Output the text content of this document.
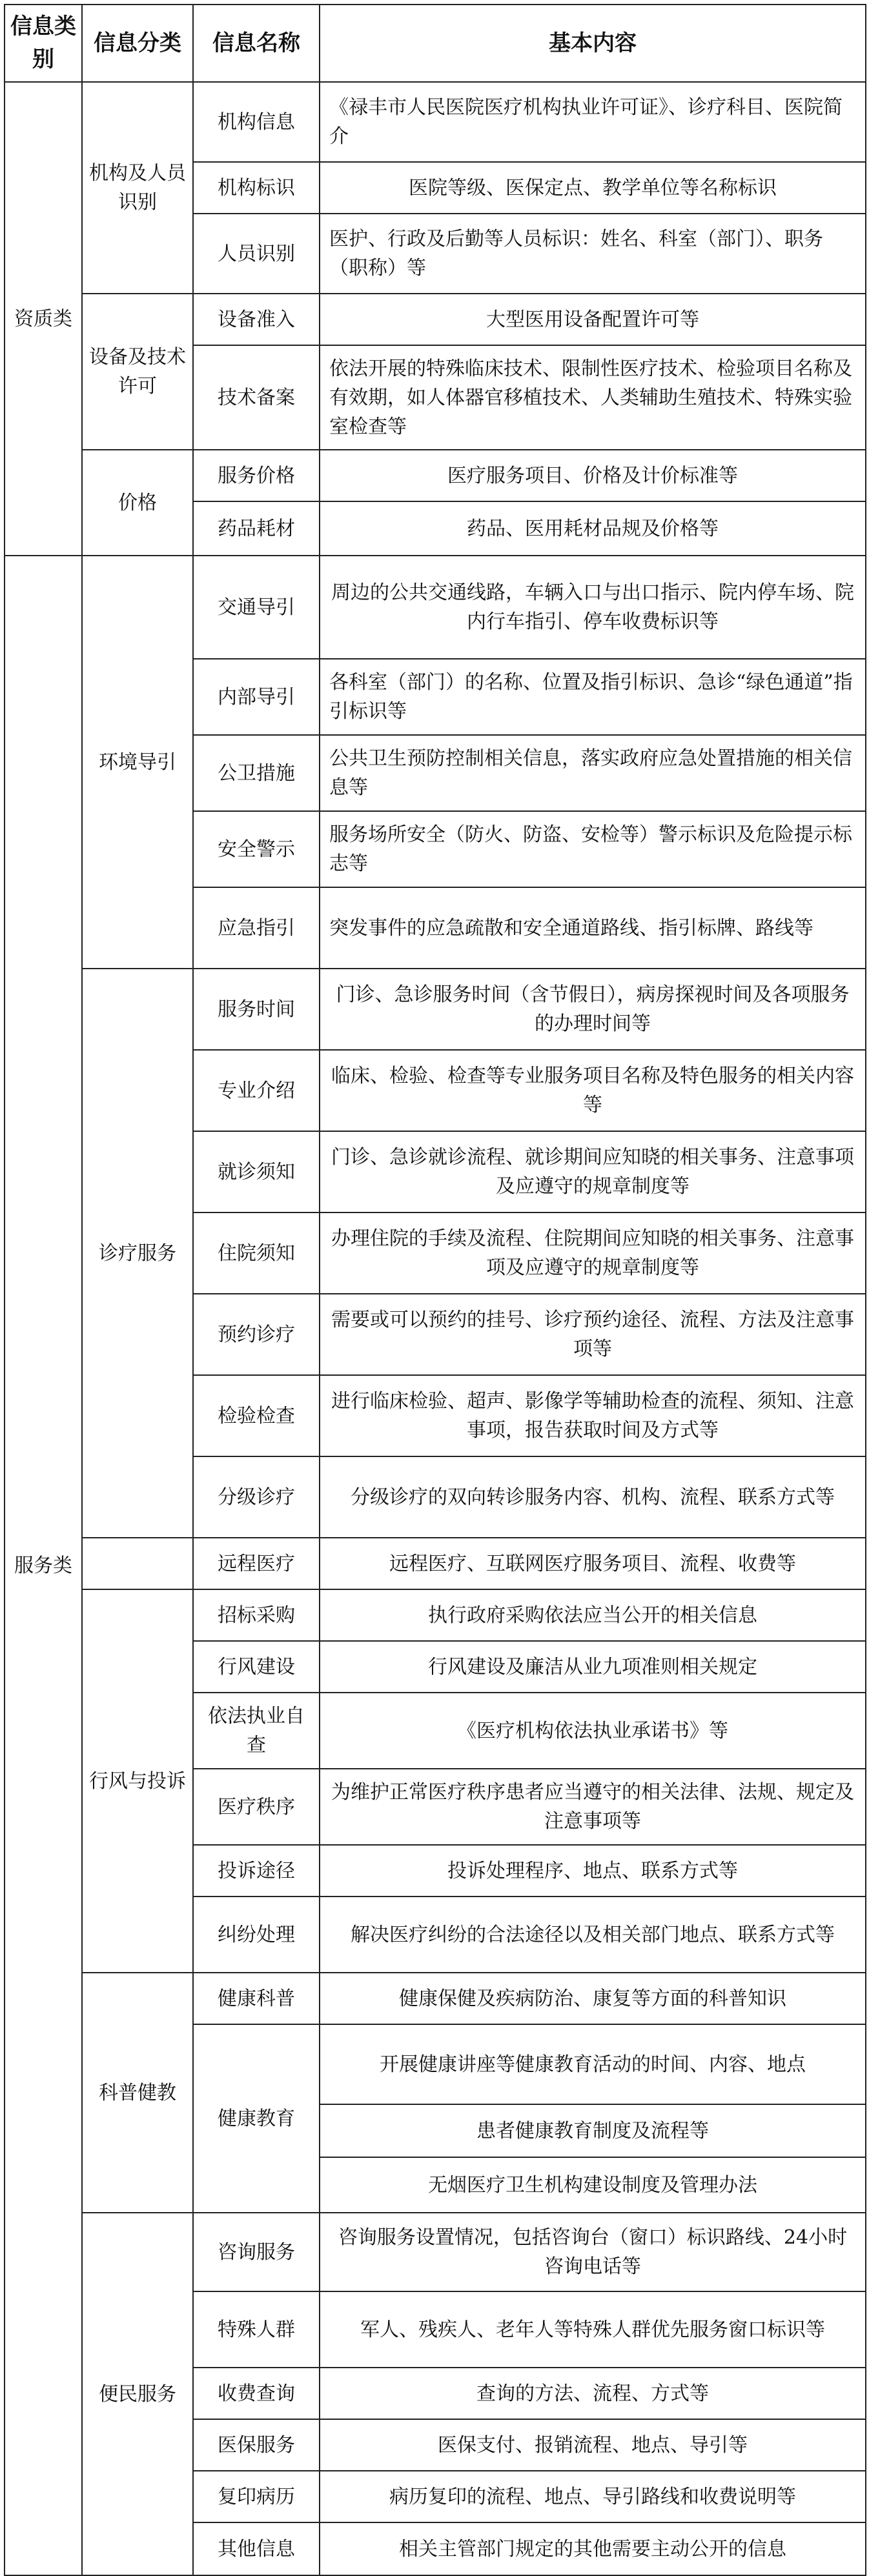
信息类别	信息分类	信息名称	基本内容
资质类	机构及人员识别	机构信息	《禄丰市人民医院医疗机构执业许可证》、诊疗科目、医院简介
		机构标识	医院等级、医保定点、教学单位等名称标识
		人员识别	医护、行政及后勤等人员标识：姓名、科室（部门）、职务（职称）等
	设备及技术许可	设备准入	大型医用设备配置许可等
		技术备案	依法开展的特殊临床技术、限制性医疗技术、检验项目名称及有效期，如人体器官移植技术、人类辅助生殖技术、特殊实验室检查等
	价格	服务价格	医疗服务项目、价格及计价标准等
		药品耗材	药品、医用耗材品规及价格等
服务类	环境导引	交通导引	周边的公共交通线路，车辆入口与出口指示、院内停车场、院内行车指引、停车收费标识等
		内部导引	各科室（部门）的名称、位置及指引标识、急诊“绿色通道”指引标识等
		公卫措施	公共卫生预防控制相关信息，落实政府应急处置措施的相关信息等
		安全警示	服务场所安全（防火、防盗、安检等）警示标识及危险提示标志等
		应急指引	突发事件的应急疏散和安全通道路线、指引标牌、路线等
	诊疗服务	服务时间	门诊、急诊服务时间（含节假日），病房探视时间及各项服务的办理时间等
		专业介绍	临床、检验、检查等专业服务项目名称及特色服务的相关内容等
		就诊须知	门诊、急诊就诊流程、就诊期间应知晓的相关事务、注意事项及应遵守的规章制度等
		住院须知	办理住院的手续及流程、住院期间应知晓的相关事务、注意事项及应遵守的规章制度等
		预约诊疗	需要或可以预约的挂号、诊疗预约途径、流程、方法及注意事项等
		检验检查	进行临床检验、超声、影像学等辅助检查的流程、须知、注意事项，报告获取时间及方式等
		分级诊疗	分级诊疗的双向转诊服务内容、机构、流程、联系方式等
		远程医疗	远程医疗、互联网医疗服务项目、流程、收费等
	行风与投诉	招标采购	执行政府采购依法应当公开的相关信息
		行风建设	行风建设及廉洁从业九项准则相关规定
		依法执业自查	《医疗机构依法执业承诺书》等
		医疗秩序	为维护正常医疗秩序患者应当遵守的相关法律、法规、规定及注意事项等
		投诉途径	投诉处理程序、地点、联系方式等
		纠纷处理	解决医疗纠纷的合法途径以及相关部门地点、联系方式等
	科普健教	健康科普	健康保健及疾病防治、康复等方面的科普知识
		健康教育	开展健康讲座等健康教育活动的时间、内容、地点
			患者健康教育制度及流程等
			无烟医疗卫生机构建设制度及管理办法
	便民服务	咨询服务	咨询服务设置情况，包括咨询台（窗口）标识路线、24小时咨询电话等
		特殊人群	军人、残疾人、老年人等特殊人群优先服务窗口标识等
		收费查询	查询的方法、流程、方式等
		医保服务	医保支付、报销流程、地点、导引等
		复印病历	病历复印的流程、地点、导引路线和收费说明等
		其他信息	相关主管部门规定的其他需要主动公开的信息
